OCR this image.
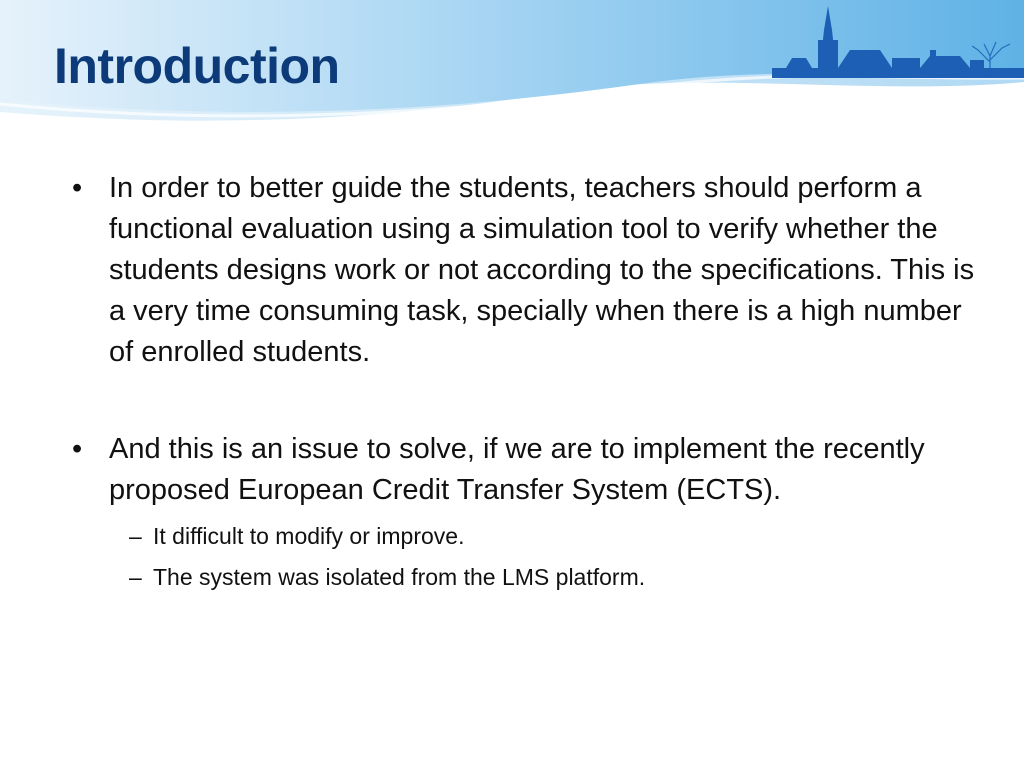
Introduction
• In order to better guide the students, teachers should perform a functional evaluation using a simulation tool to verify whether the students designs work or not according to the specifications. This is a very time consuming task, specially when there is a high number of enrolled students.
• And this is an issue to solve, if we are to implement the recently proposed European Credit Transfer System (ECTS).
– It difficult to modify or improve.
– The system was isolated from the LMS platform.
